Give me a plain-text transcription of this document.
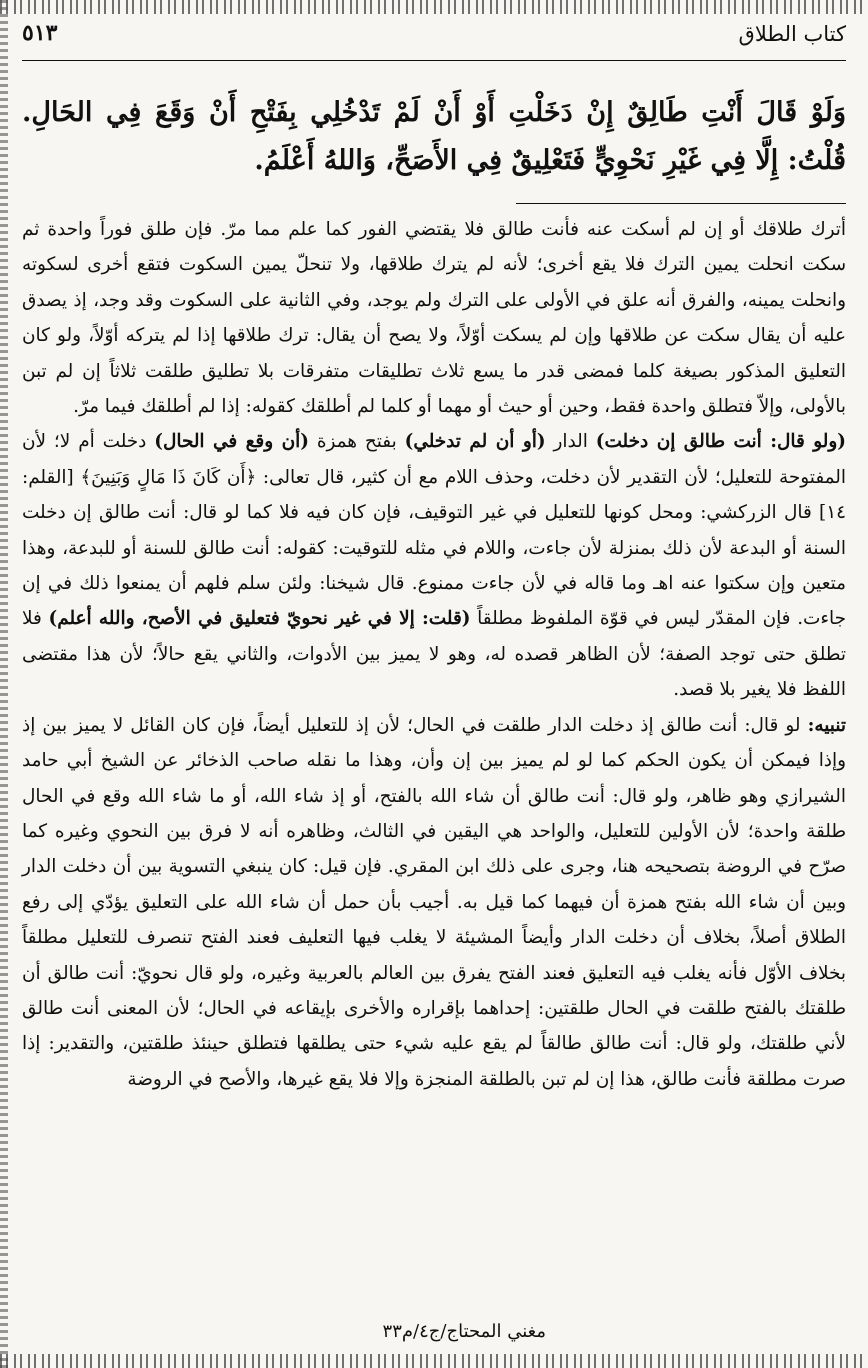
كتاب الطلاق
٥١٣
وَلَوْ قَالَ أَنْتِ طَالِقٌ إِنْ دَخَلْتِ أَوْ أَنْ لَمْ تَدْخُلِي بِفَتْحِ أَنْ وَقَعَ فِي الحَالِ. قُلْتُ: إِلَّا فِي غَيْرِ نَحْوِيٍّ فَتَعْلِيقٌ فِي الأَصَحِّ، وَاللهُ أَعْلَمُ.

أترك طلاقك أو إن لم أسكت عنه فأنت طالق فلا يقتضي الفور كما علم مما مرّ. فإن طلق فوراً واحدة ثم سكت انحلت يمين الترك فلا يقع أخرى؛ لأنه لم يترك طلاقها، ولا تنحلّ يمين السكوت فتقع أخرى لسكوته وانحلت يمينه، والفرق أنه علق في الأولى على الترك ولم يوجد، وفي الثانية على السكوت وقد وجد، إذ يصدق عليه أن يقال سكت عن طلاقها وإن لم يسكت أوّلاً، ولا يصح أن يقال: ترك طلاقها إذا لم يتركه أوّلاً، ولو كان التعليق المذكور بصيغة كلما فمضى قدر ما يسع ثلاث تطليقات متفرقات بلا تطليق طلقت ثلاثاً إن لم تبن بالأولى، وإلاّ فتطلق واحدة فقط، وحين أو حيث أو مهما أو كلما لم أطلقك كقوله: إذا لم أطلقك فيما مرّ.

(ولو قال: أنت طالق إن دخلت) الدار (أو أن لم تدخلي) بفتح همزة (أن وقع في الحال) دخلت أم لا؛ لأن المفتوحة للتعليل؛ لأن التقدير لأن دخلت، وحذف اللام مع أن كثير، قال تعالى: ﴿أَن كَانَ ذَا مَالٍ وَبَنِينَ﴾ [القلم: ١٤] قال الزركشي: ومحل كونها للتعليل في غير التوقيف، فإن كان فيه فلا كما لو قال: أنت طالق إن دخلت السنة أو البدعة لأن ذلك بمنزلة لأن جاءت، واللام في مثله للتوقيت: كقوله: أنت طالق للسنة أو للبدعة، وهذا متعين وإن سكتوا عنه اهـ وما قاله في لأن جاءت ممنوع. قال شيخنا: ولئن سلم فلهم أن يمنعوا ذلك في إن جاءت. فإن المقدّر ليس في قوّة الملفوظ مطلقاً (قلت: إلا في غير نحويّ فتعليق في الأصح، والله أعلم) فلا تطلق حتى توجد الصفة؛ لأن الظاهر قصده له، وهو لا يميز بين الأدوات، والثاني يقع حالاً؛ لأن هذا مقتضى اللفظ فلا يغير بلا قصد.

تنبيه: لو قال: أنت طالق إذ دخلت الدار طلقت في الحال؛ لأن إذ للتعليل أيضاً، فإن كان القائل لا يميز بين إذ وإذا فيمكن أن يكون الحكم كما لو لم يميز بين إن وأن، وهذا ما نقله صاحب الذخائر عن الشيخ أبي حامد الشيرازي وهو ظاهر، ولو قال: أنت طالق أن شاء الله بالفتح، أو إذ شاء الله، أو ما شاء الله وقع في الحال طلقة واحدة؛ لأن الأولين للتعليل، والواحد هي اليقين في الثالث، وظاهره أنه لا فرق بين النحوي وغيره كما صرّح في الروضة بتصحيحه هنا، وجرى على ذلك ابن المقري. فإن قيل: كان ينبغي التسوية بين أن دخلت الدار وبين أن شاء الله بفتح همزة أن فيهما كما قيل به. أجيب بأن حمل أن شاء الله على التعليق يؤدّي إلى رفع الطلاق أصلاً، بخلاف أن دخلت الدار وأيضاً المشيئة لا يغلب فيها التعليف فعند الفتح تنصرف للتعليل مطلقاً بخلاف الأوّل فأنه يغلب فيه التعليق فعند الفتح يفرق بين العالم بالعربية وغيره، ولو قال نحويّ: أنت طالق أن طلقتك بالفتح طلقت في الحال طلقتين: إحداهما بإقراره والأخرى بإيقاعه في الحال؛ لأن المعنى أنت طالق لأني طلقتك، ولو قال: أنت طالق طالقاً لم يقع عليه شيء حتى يطلقها فتطلق حينئذ طلقتين، والتقدير: إذا صرت مطلقة فأنت طالق، هذا إن لم تبن بالطلقة المنجزة وإلا فلا يقع غيرها، والأصح في الروضة

مغني المحتاج/ج٤/م٣٣
